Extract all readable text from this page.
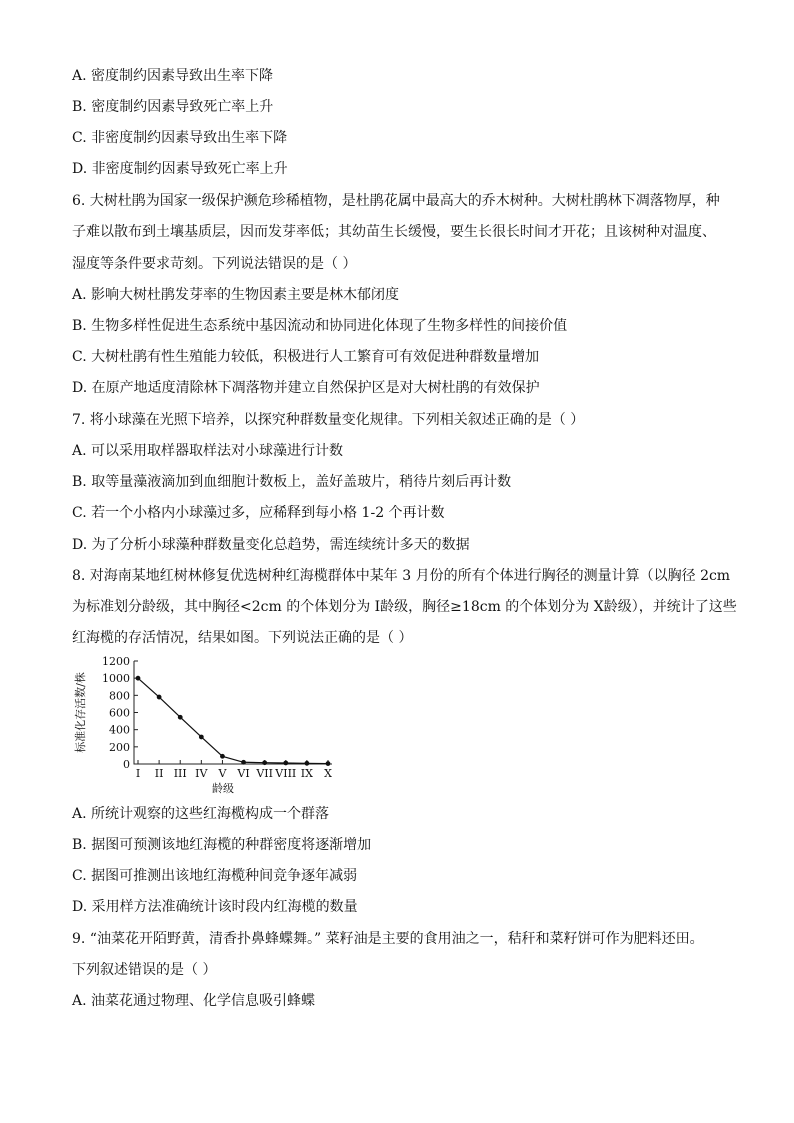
A. 密度制约因素导致出生率下降
B. 密度制约因素导致死亡率上升
C. 非密度制约因素导致出生率下降
D. 非密度制约因素导致死亡率上升
6. 大树杜鹃为国家一级保护濒危珍稀植物，是杜鹃花属中最高大的乔木树种。大树杜鹃林下凋落物厚，种
子难以散布到土壤基质层，因而发芽率低；其幼苗生长缓慢，要生长很长时间才开花；且该树种对温度、
湿度等条件要求苛刻。下列说法错误的是（ ）
A. 影响大树杜鹃发芽率的生物因素主要是林木郁闭度
B. 生物多样性促进生态系统中基因流动和协同进化体现了生物多样性的间接价值
C. 大树杜鹃有性生殖能力较低，积极进行人工繁育可有效促进种群数量增加
D. 在原产地适度清除林下凋落物并建立自然保护区是对大树杜鹃的有效保护
7. 将小球藻在光照下培养，以探究种群数量变化规律。下列相关叙述正确的是（ ）
A. 可以采用取样器取样法对小球藻进行计数
B. 取等量藻液滴加到血细胞计数板上，盖好盖玻片，稍待片刻后再计数
C. 若一个小格内小球藻过多，应稀释到每小格 1-2 个再计数
D. 为了分析小球藻种群数量变化总趋势，需连续统计多天的数据
8. 对海南某地红树林修复优选树种红海榄群体中某年 3 月份的所有个体进行胸径的测量计算（以胸径 2cm
为标准划分龄级，其中胸径<2cm 的个体划分为 I龄级，胸径≥18cm 的个体划分为 X龄级），并统计了这些
红海榄的存活情况，结果如图。下列说法正确的是（ ）
0
200
400
600
800
1000
1200
I II III IV V VI VII VIII IX X
龄级
标准化存活数/株
A. 所统计观察的这些红海榄构成一个群落
B. 据图可预测该地红海榄的种群密度将逐渐增加
C. 据图可推测出该地红海榄种间竞争逐年减弱
D. 采用样方法准确统计该时段内红海榄的数量
9. “油菜花开陌野黄，清香扑鼻蜂蝶舞。” 菜籽油是主要的食用油之一，秸秆和菜籽饼可作为肥料还田。
下列叙述错误的是（ ）
A. 油菜花通过物理、化学信息吸引蜂蝶
